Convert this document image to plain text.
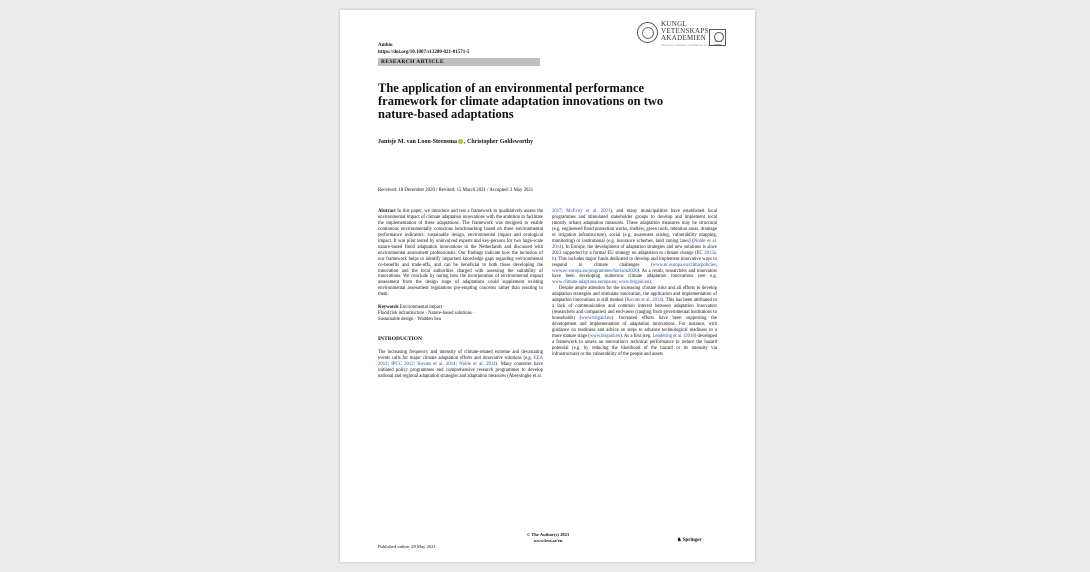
Ambio
https://doi.org/10.1007/s13280-021-01571-5
KUNGL
VETENSKAPS
AKADEMIEN
THE ROYAL SWEDISH ACADEMY OF SCIENCES
Check for updates
RESEARCH ARTICLE
The application of an environmental performance framework for climate adaptation innovations on two nature-based adaptations
Jantsje M. van Loon-Steensma , Christopher Goldsworthy
Received: 18 December 2020 / Revised: 15 March 2021 / Accepted: 3 May 2021

Abstract In this paper, we introduce and test a framework to qualitatively assess the environmental impact of climate adaptation innovations with the ambition to facilitate the implementation of these adaptations. The framework was designed to enable continuous environmentally conscious benchmarking based on three environmental performance indicators: sustainable design, environmental impact and ecological impact. It was pilot tested by uninvolved experts and key-persons for two large-scale nature-based flood adaptation innovations in the Netherlands and discussed with environmental assessment professionals. Our findings indicate how the inclusion of our framework helps to identify important knowledge gaps regarding environmental co-benefits and trade-offs, and can be beneficial to both those developing the innovation and the local authorities charged with assessing the suitability of innovations. We conclude by noting how the incorporation of environmental impact assessment from the design stage of adaptations could supplement existing environmental assessment regulations pre-empting concerns rather than reacting to them.

Keywords Environmental impact ·
Flood risk infrastructure · Nature-based solutions ·
Sustainable design · Wadden Sea

INTRODUCTION

The increasing frequency and intensity of climate-related extreme and devastating events calls for major climate adaptation efforts and innovative solutions (e.g. EEA 2012; IPCC 2012; Kovats et al. 2014; Noble et al. 2014). Many countries have initiated policy programmes and comprehensive research programmes to develop national and regional adaptation strategies and adaptation measures (Abeysinghe et al.

2017; McEvoy et al. 2021), and many municipalities have established local programmes and stimulated stakeholder groups to develop and implement local (mostly urban) adaptation measures. These adaptation measures may be structural (e.g. engineered flood protection works, shelters, green roofs, retention areas, drainage or irrigation infrastructure), social (e.g. awareness raising, vulnerability mapping, monitoring) or institutional (e.g. insurance schemes, land zoning laws) (Noble et al. 2014). In Europe, the development of adaptation strategies and new solutions is since 2013 supported by a formal EU strategy on adaptation to climate change (EC 2013a, b). This includes major funds dedicated to develop and implement innovative ways to respond to climate challenges (www.ec.europa.eu/clima/policies, www.ec.europa.eu/programmes/horizon2020). As a result, researchers and innovators have been developing numerous climate adaptation innovations (see e.g. www.climate-adapt.eea.europa.eu; www.brigaid.eu).

Despite ample attention for the increasing climate risks and all efforts to develop adaptation strategies and stimulate innovation, the application and implementation of adaptation innovations is still modest (Kovats et al. 2014). This has been attributed to a lack of communication and common interest between adaptation innovators (researchers and companies) and end-users (ranging from governmental institutions to households) (www.brigaid.eu). Increased efforts have been supporting the development and implementation of adaptation innovations. For instance, with guidance on readiness and advice on steps to advance technological readiness to a more mature stage (www.brigaid.eu). As a first step, Lendering et al. (2018) developed a framework to assess an innovation's technical performance to reduce the hazard potential (e.g. by reducing the likelihood of the hazard or its intensity via infrastructure) or the vulnerability of the people and assets

Published online: 28 May 2021
© The Author(s) 2021
www.kva.se/en	♞ Springer
